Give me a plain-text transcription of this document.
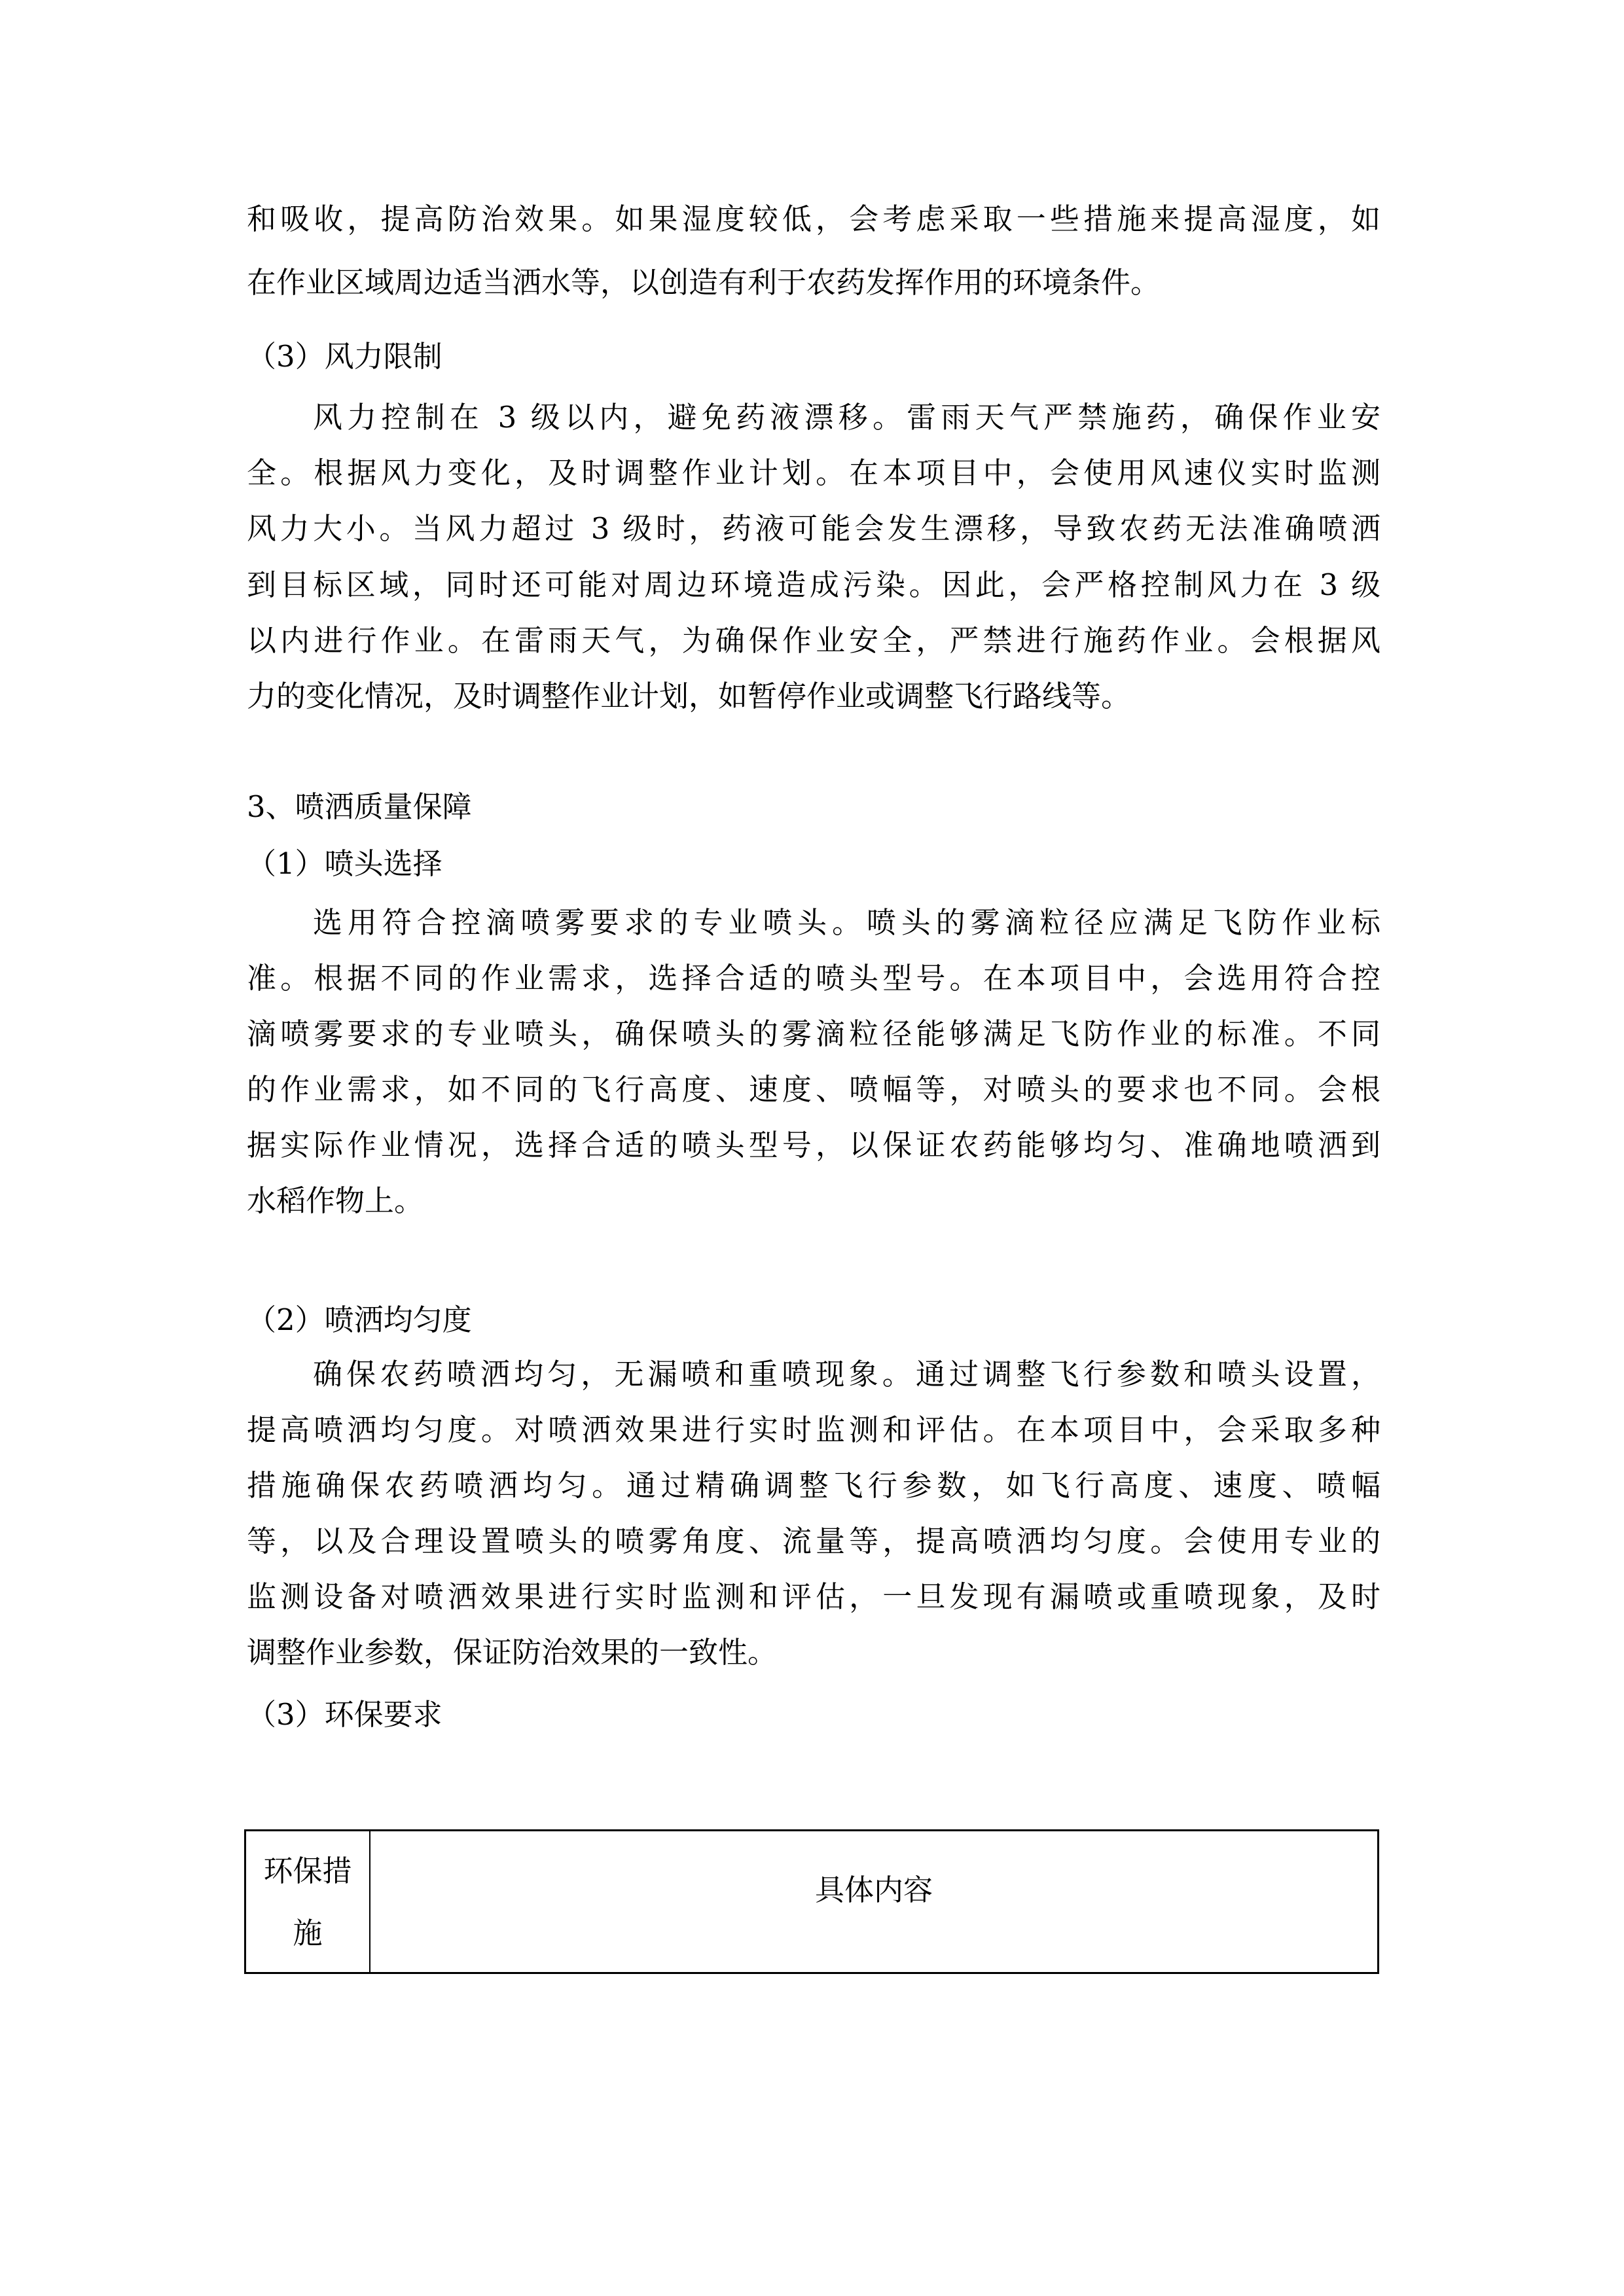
和吸收，提高防治效果。如果湿度较低，会考虑采取一些措施来提高湿度，如
在作业区域周边适当洒水等，以创造有利于农药发挥作用的环境条件。
（3）风力限制
风力控制在 3 级以内，避免药液漂移。雷雨天气严禁施药，确保作业安
全。根据风力变化，及时调整作业计划。在本项目中，会使用风速仪实时监测
风力大小。当风力超过 3 级时，药液可能会发生漂移，导致农药无法准确喷洒
到目标区域，同时还可能对周边环境造成污染。因此，会严格控制风力在 3 级
以内进行作业。在雷雨天气，为确保作业安全，严禁进行施药作业。会根据风
力的变化情况，及时调整作业计划，如暂停作业或调整飞行路线等。
3、喷洒质量保障
（1）喷头选择
选用符合控滴喷雾要求的专业喷头。喷头的雾滴粒径应满足飞防作业标
准。根据不同的作业需求，选择合适的喷头型号。在本项目中，会选用符合控
滴喷雾要求的专业喷头，确保喷头的雾滴粒径能够满足飞防作业的标准。不同
的作业需求，如不同的飞行高度、速度、喷幅等，对喷头的要求也不同。会根
据实际作业情况，选择合适的喷头型号，以保证农药能够均匀、准确地喷洒到
水稻作物上。
（2）喷洒均匀度
确保农药喷洒均匀，无漏喷和重喷现象。通过调整飞行参数和喷头设置，
提高喷洒均匀度。对喷洒效果进行实时监测和评估。在本项目中，会采取多种
措施确保农药喷洒均匀。通过精确调整飞行参数，如飞行高度、速度、喷幅
等，以及合理设置喷头的喷雾角度、流量等，提高喷洒均匀度。会使用专业的
监测设备对喷洒效果进行实时监测和评估，一旦发现有漏喷或重喷现象，及时
调整作业参数，保证防治效果的一致性。
（3）环保要求
环保措
施	具体内容
